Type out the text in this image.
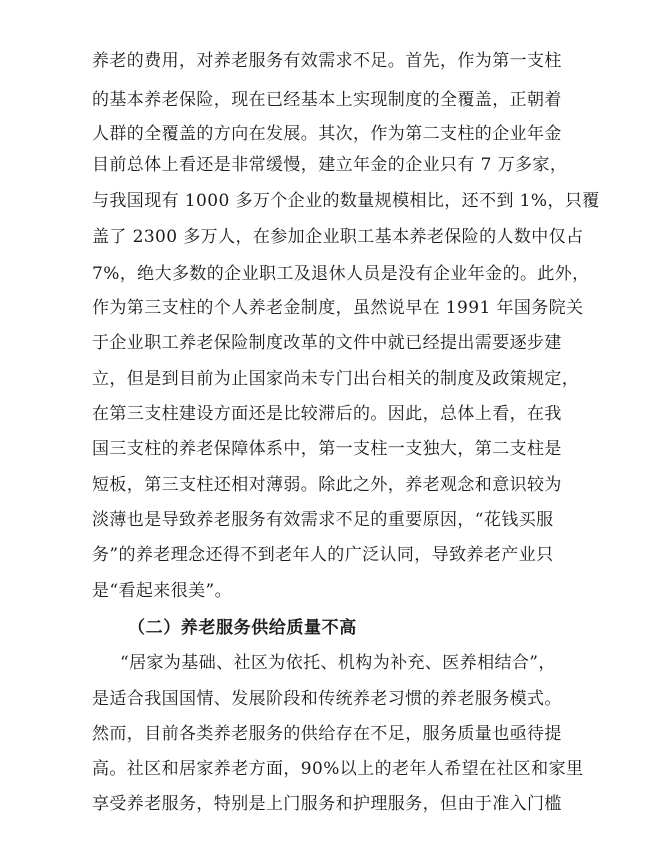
养老的费用，对养老服务有效需求不足。首先，作为第一支柱
的基本养老保险，现在已经基本上实现制度的全覆盖，正朝着
人群的全覆盖的方向在发展。其次，作为第二支柱的企业年金
目前总体上看还是非常缓慢，建立年金的企业只有 7 万多家，
与我国现有 1000 多万个企业的数量规模相比，还不到 1%，只覆
盖了 2300 多万人，在参加企业职工基本养老保险的人数中仅占
7%，绝大多数的企业职工及退休人员是没有企业年金的。此外，
作为第三支柱的个人养老金制度，虽然说早在 1991 年国务院关
于企业职工养老保险制度改革的文件中就已经提出需要逐步建
立，但是到目前为止国家尚未专门出台相关的制度及政策规定，
在第三支柱建设方面还是比较滞后的。因此，总体上看，在我
国三支柱的养老保障体系中，第一支柱一支独大，第二支柱是
短板，第三支柱还相对薄弱。除此之外，养老观念和意识较为
淡薄也是导致养老服务有效需求不足的重要原因，“花钱买服
务”的养老理念还得不到老年人的广泛认同，导致养老产业只
是“看起来很美”。
（二）养老服务供给质量不高
“居家为基础、社区为依托、机构为补充、医养相结合”，
是适合我国国情、发展阶段和传统养老习惯的养老服务模式。
然而，目前各类养老服务的供给存在不足，服务质量也亟待提
高。社区和居家养老方面，90%以上的老年人希望在社区和家里
享受养老服务，特别是上门服务和护理服务，但由于准入门槛
